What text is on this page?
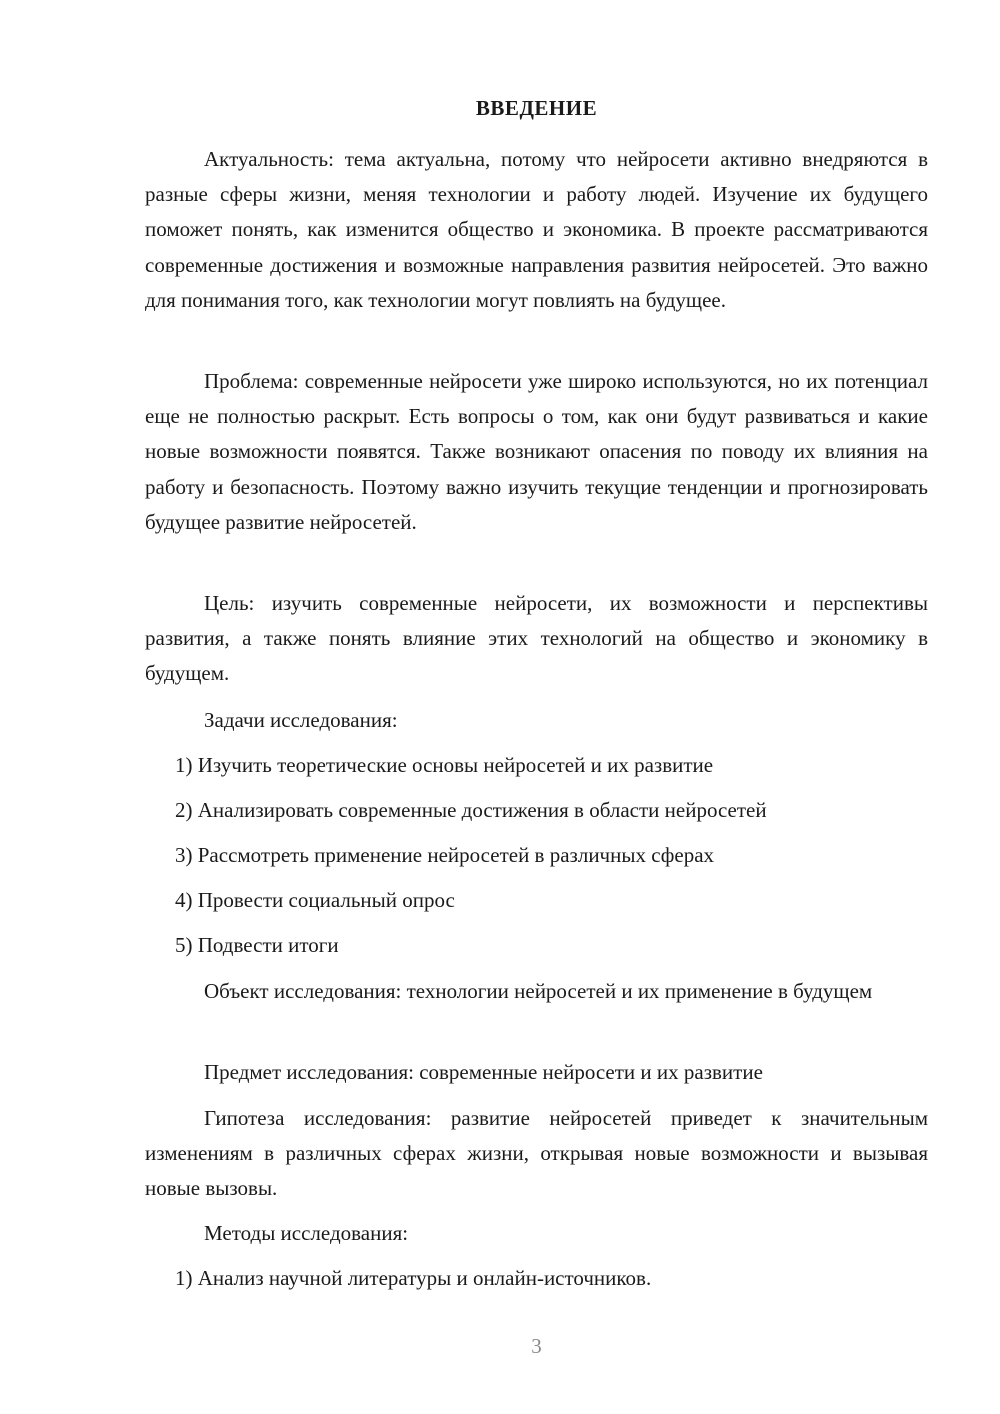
ВВЕДЕНИЕ

Актуальность: тема актуальна, потому что нейросети активно внедряются в разные сферы жизни, меняя технологии и работу людей. Изучение их будущего поможет понять, как изменится общество и экономика. В проекте рассматриваются современные достижения и возможные направления развития нейросетей. Это важно для понимания того, как технологии могут повлиять на будущее.

Проблема: современные нейросети уже широко используются, но их потенциал еще не полностью раскрыт. Есть вопросы о том, как они будут развиваться и какие новые возможности появятся. Также возникают опасения по поводу их влияния на работу и безопасность. Поэтому важно изучить текущие тенденции и прогнозировать будущее развитие нейросетей.

Цель: изучить современные нейросети, их возможности и перспективы развития, а также понять влияние этих технологий на общество и экономику в будущем.

Задачи исследования:

1) Изучить теоретические основы нейросетей и их развитие

2) Анализировать современные достижения в области нейросетей

3) Рассмотреть применение нейросетей в различных сферах

4) Провести социальный опрос

5) Подвести итоги

Объект исследования: технологии нейросетей и их применение в будущем

Предмет исследования: современные нейросети и их развитие

Гипотеза исследования: развитие нейросетей приведет к значительным изменениям в различных сферах жизни, открывая новые возможности и вызывая новые вызовы.

Методы исследования:

1) Анализ научной литературы и онлайн-источников.

3
